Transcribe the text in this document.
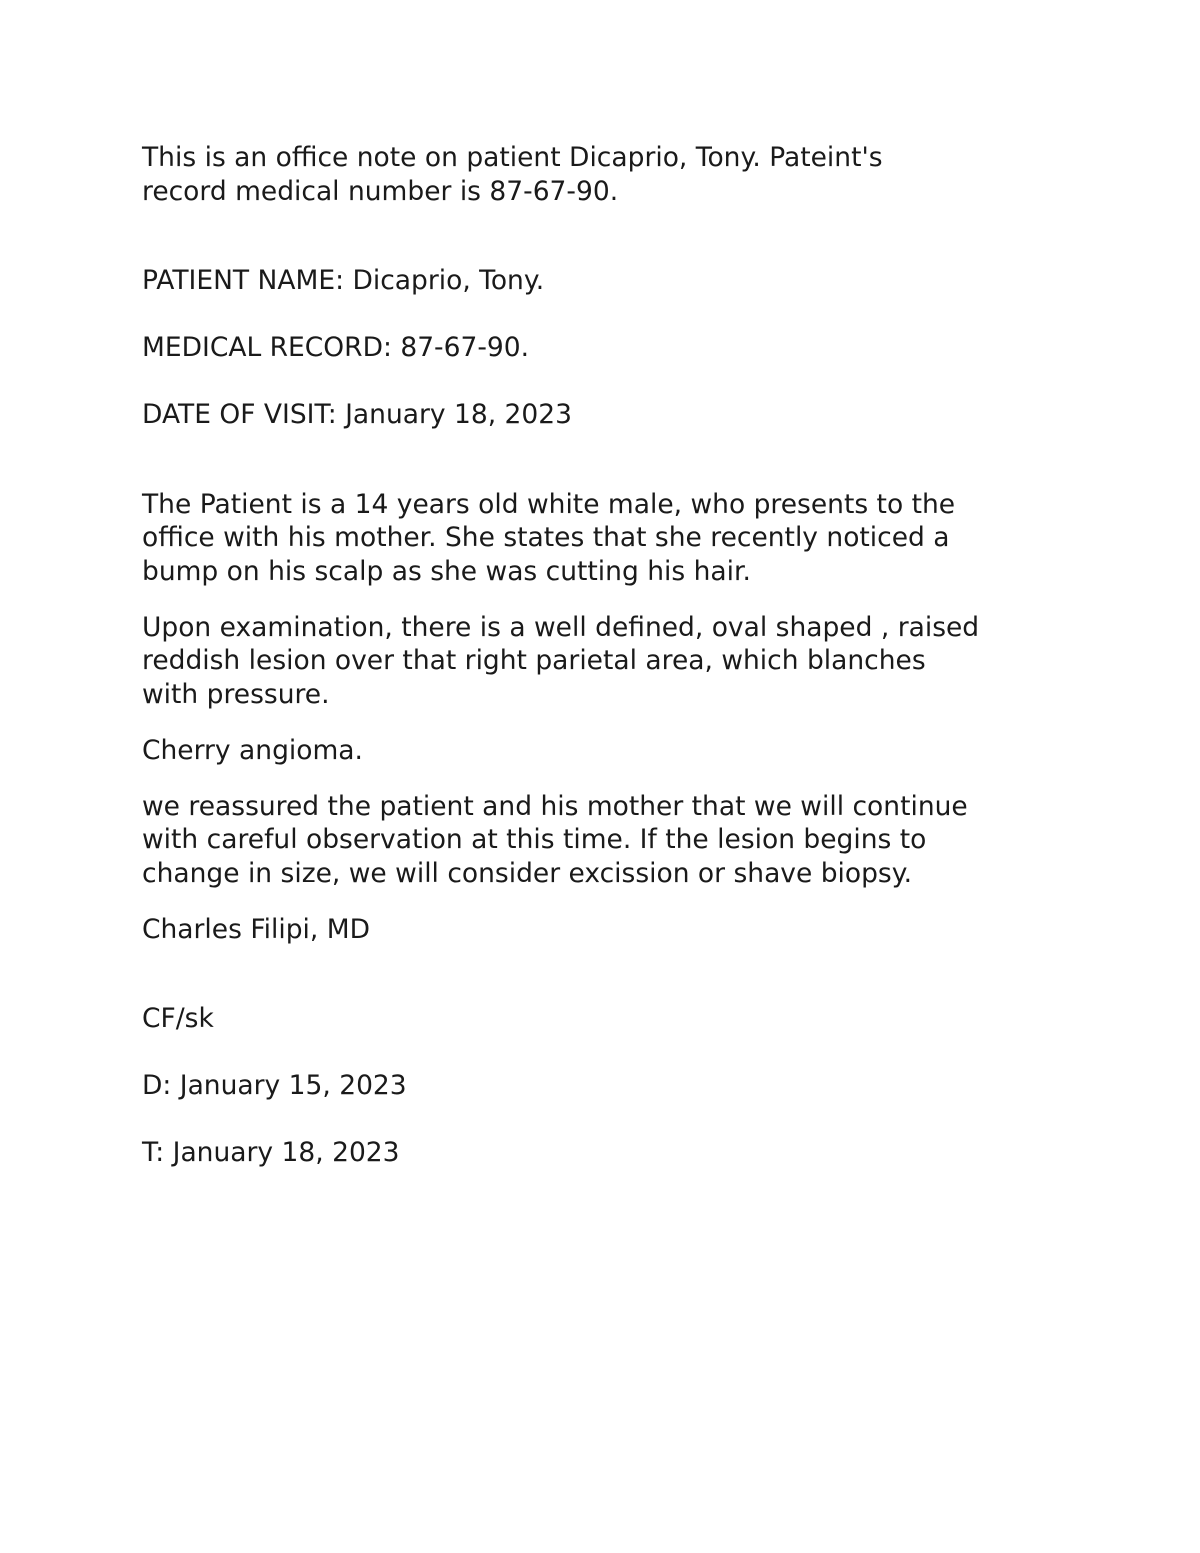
This is an office note on patient Dicaprio, Tony. Pateint's
record medical number is 87-67-90.

PATIENT NAME: Dicaprio, Tony.

MEDICAL RECORD: 87-67-90.

DATE OF VISIT: January 18, 2023

The Patient is a 14 years old white male, who presents to the
office with his mother. She states that she recently noticed a
bump on his scalp as she was cutting his hair.

Upon examination, there is a well defined, oval shaped , raised
reddish lesion over that right parietal area, which blanches
with pressure.

Cherry angioma.

we reassured the patient and his mother that we will continue
with careful observation at this time. If the lesion begins to
change in size, we will consider excission or shave biopsy.

Charles Filipi, MD

CF/sk

D: January 15, 2023

T: January 18, 2023
